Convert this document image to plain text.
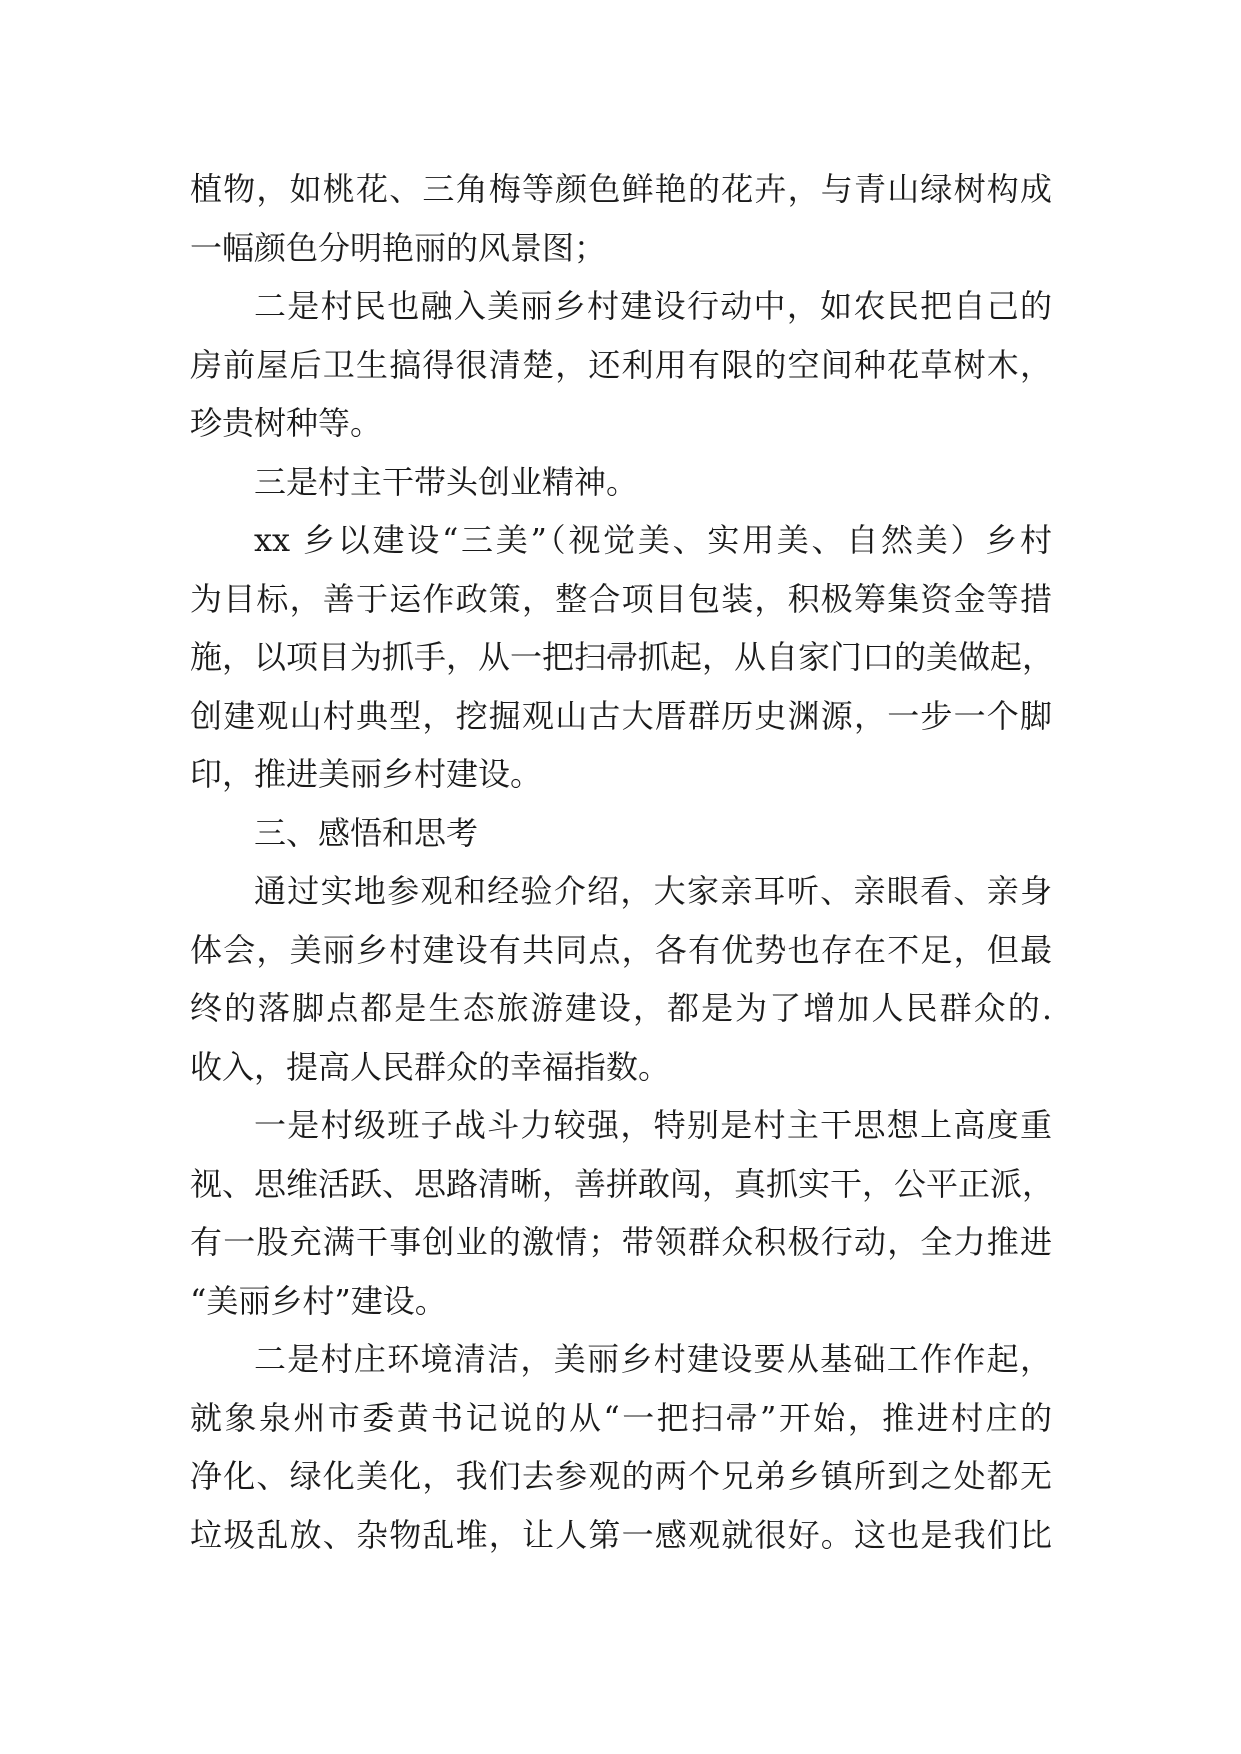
植物，如桃花、三角梅等颜色鲜艳的花卉，与青山绿树构成
一幅颜色分明艳丽的风景图；
二是村民也融入美丽乡村建设行动中，如农民把自己的
房前屋后卫生搞得很清楚，还利用有限的空间种花草树木，
珍贵树种等。
三是村主干带头创业精神。
xx 乡以建设“三美”（视觉美、实用美、自然美）乡村
为目标，善于运作政策，整合项目包装，积极筹集资金等措
施，以项目为抓手，从一把扫帚抓起，从自家门口的美做起，
创建观山村典型，挖掘观山古大厝群历史渊源，一步一个脚
印，推进美丽乡村建设。
三、感悟和思考
通过实地参观和经验介绍，大家亲耳听、亲眼看、亲身
体会，美丽乡村建设有共同点，各有优势也存在不足，但最
终的落脚点都是生态旅游建设，都是为了增加人民群众的.
收入，提高人民群众的幸福指数。
一是村级班子战斗力较强，特别是村主干思想上高度重
视、思维活跃、思路清晰，善拼敢闯，真抓实干，公平正派，
有一股充满干事创业的激情；带领群众积极行动，全力推进
“美丽乡村”建设。
二是村庄环境清洁，美丽乡村建设要从基础工作作起，
就象泉州市委黄书记说的从“一把扫帚”开始，推进村庄的
净化、绿化美化，我们去参观的两个兄弟乡镇所到之处都无
垃圾乱放、杂物乱堆，让人第一感观就很好。这也是我们比
